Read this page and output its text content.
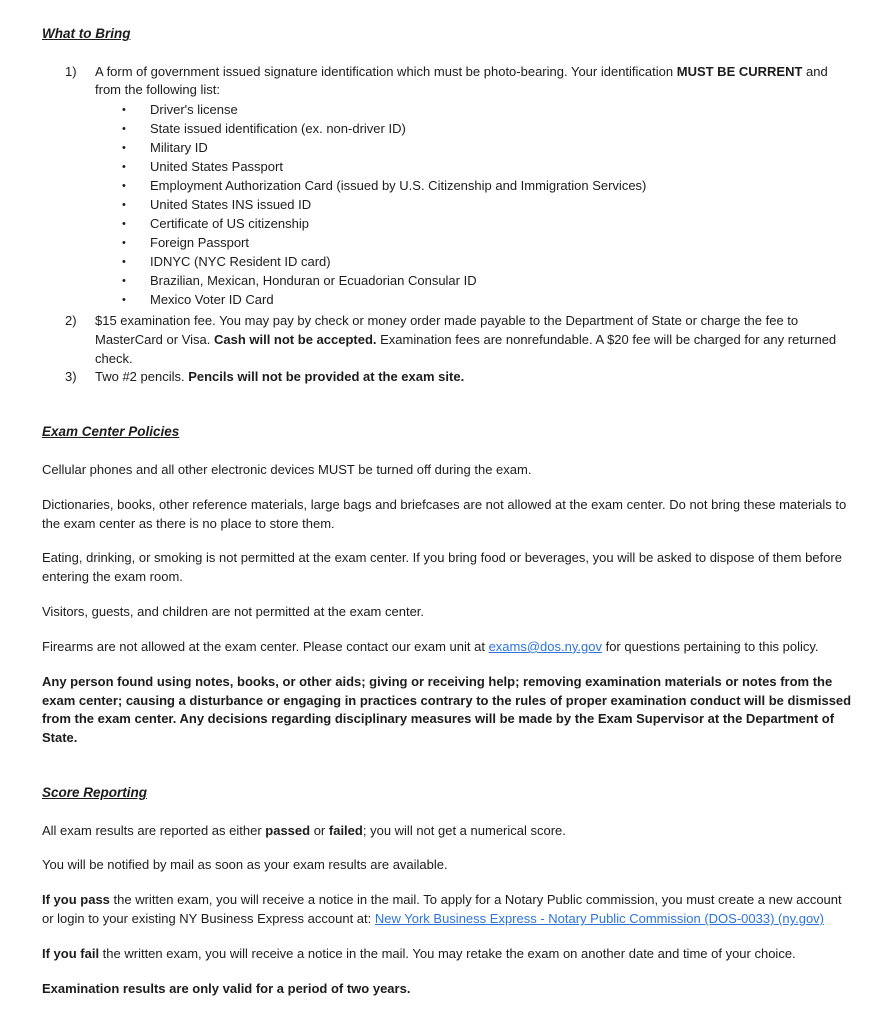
What to Bring
1)	A form of government issued signature identification which must be photo-bearing. Your identification MUST BE CURRENT and from the following list:
• Driver's license
• State issued identification (ex. non-driver ID)
• Military ID
• United States Passport
• Employment Authorization Card (issued by U.S. Citizenship and Immigration Services)
• United States INS issued ID
• Certificate of US citizenship
• Foreign Passport
• IDNYC (NYC Resident ID card)
• Brazilian, Mexican, Honduran or Ecuadorian Consular ID
• Mexico Voter ID Card
2)	$15 examination fee. You may pay by check or money order made payable to the Department of State or charge the fee to MasterCard or Visa. Cash will not be accepted. Examination fees are nonrefundable. A $20 fee will be charged for any returned check.
3)	Two #2 pencils. Pencils will not be provided at the exam site.
Exam Center Policies

Cellular phones and all other electronic devices MUST be turned off during the exam.

Dictionaries, books, other reference materials, large bags and briefcases are not allowed at the exam center. Do not bring these materials to the exam center as there is no place to store them.

Eating, drinking, or smoking is not permitted at the exam center. If you bring food or beverages, you will be asked to dispose of them before entering the exam room.

Visitors, guests, and children are not permitted at the exam center.

Firearms are not allowed at the exam center. Please contact our exam unit at exams@dos.ny.gov for questions pertaining to this policy.

Any person found using notes, books, or other aids; giving or receiving help; removing examination materials or notes from the exam center; causing a disturbance or engaging in practices contrary to the rules of proper examination conduct will be dismissed from the exam center. Any decisions regarding disciplinary measures will be made by the Exam Supervisor at the Department of State.

Score Reporting

All exam results are reported as either passed or failed; you will not get a numerical score.

You will be notified by mail as soon as your exam results are available.

If you pass the written exam, you will receive a notice in the mail. To apply for a Notary Public commission, you must create a new account or login to your existing NY Business Express account at: New York Business Express - Notary Public Commission (DOS-0033) (ny.gov)

If you fail the written exam, you will receive a notice in the mail. You may retake the exam on another date and time of your choice.

Examination results are only valid for a period of two years.
